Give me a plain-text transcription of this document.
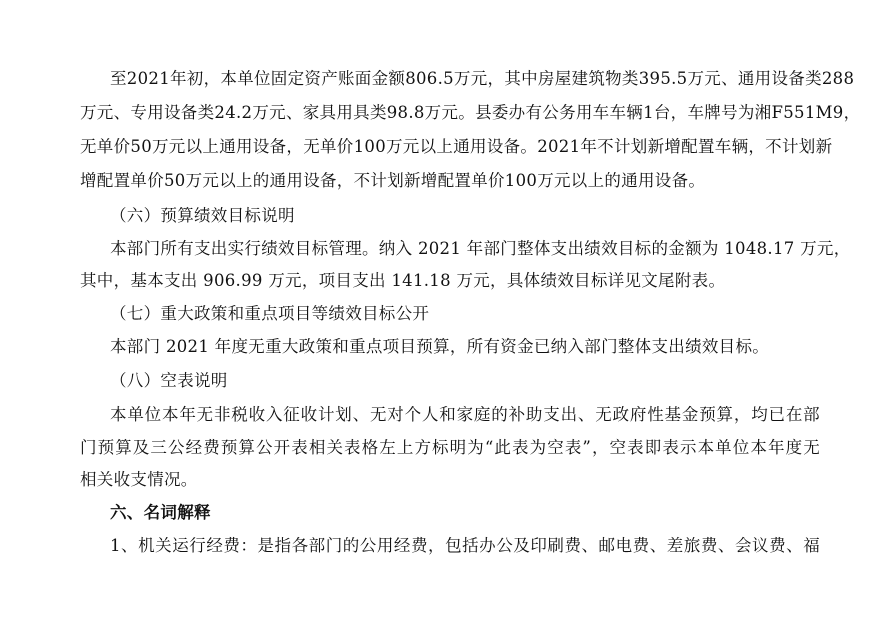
至2021年初，本单位固定资产账面金额806.5万元，其中房屋建筑物类395.5万元、通用设备类288
万元、专用设备类24.2万元、家具用具类98.8万元。县委办有公务用车车辆1台，车牌号为湘F551M9，
无单价50万元以上通用设备，无单价100万元以上通用设备。2021年不计划新增配置车辆，不计划新
增配置单价50万元以上的通用设备，不计划新增配置单价100万元以上的通用设备。
（六）预算绩效目标说明
本部门所有支出实行绩效目标管理。纳入 2021 年部门整体支出绩效目标的金额为 1048.17 万元，
其中，基本支出 906.99 万元，项目支出 141.18 万元，具体绩效目标详见文尾附表。
（七）重大政策和重点项目等绩效目标公开
本部门 2021 年度无重大政策和重点项目预算，所有资金已纳入部门整体支出绩效目标。
（八）空表说明
本单位本年无非税收入征收计划、无对个人和家庭的补助支出、无政府性基金预算，均已在部
门预算及三公经费预算公开表相关表格左上方标明为“此表为空表”，空表即表示本单位本年度无
相关收支情况。
六、名词解释
1、机关运行经费：是指各部门的公用经费，包括办公及印刷费、邮电费、差旅费、会议费、福
